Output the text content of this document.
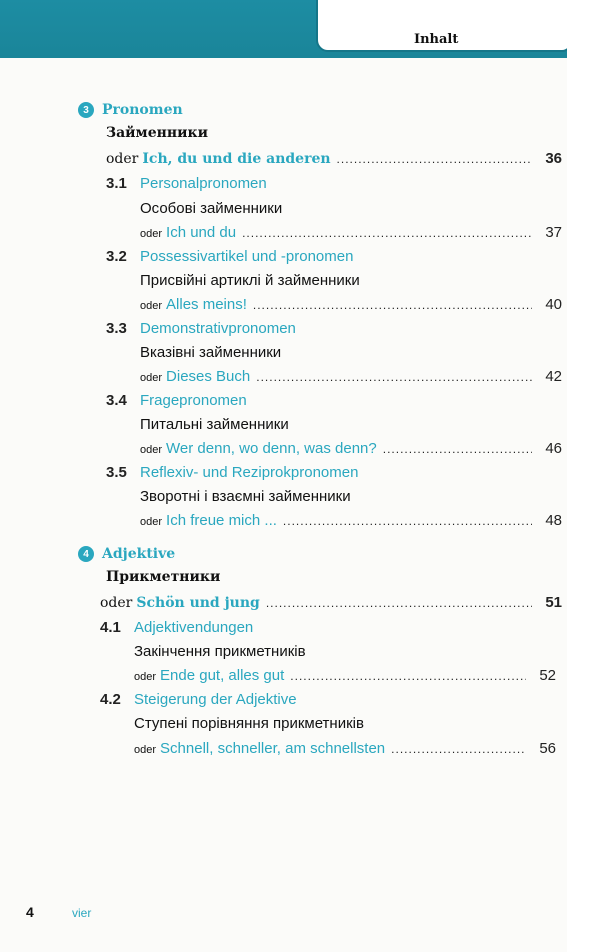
Inhalt
3 Pronomen
Займенники
oder Ich, du und die anderen .....	36
3.1 Personalpronomen
Особові займенники
oder Ich und du .....	37
3.2 Possessivartikel und -pronomen
Присвійні артиклі й займенники
oder Alles meins! .....	40
3.3 Demonstrativpronomen
Вказівні займенники
oder Dieses Buch .....	42
3.4 Fragepronomen
Питальні займенники
oder Wer denn, wo denn, was denn? .....	46
3.5 Reflexiv- und Reziprokpronomen
Зворотні і взаємні займенники
oder Ich freue mich ... .....	48
4 Adjektive
Прикметники
oder Schön und jung .....	51
4.1 Adjektivendungen
Закінчення прикметників
oder Ende gut, alles gut .....	52
4.2 Steigerung der Adjektive
Ступені порівняння прикметників
oder Schnell, schneller, am schnellsten .....	56
4	vier
